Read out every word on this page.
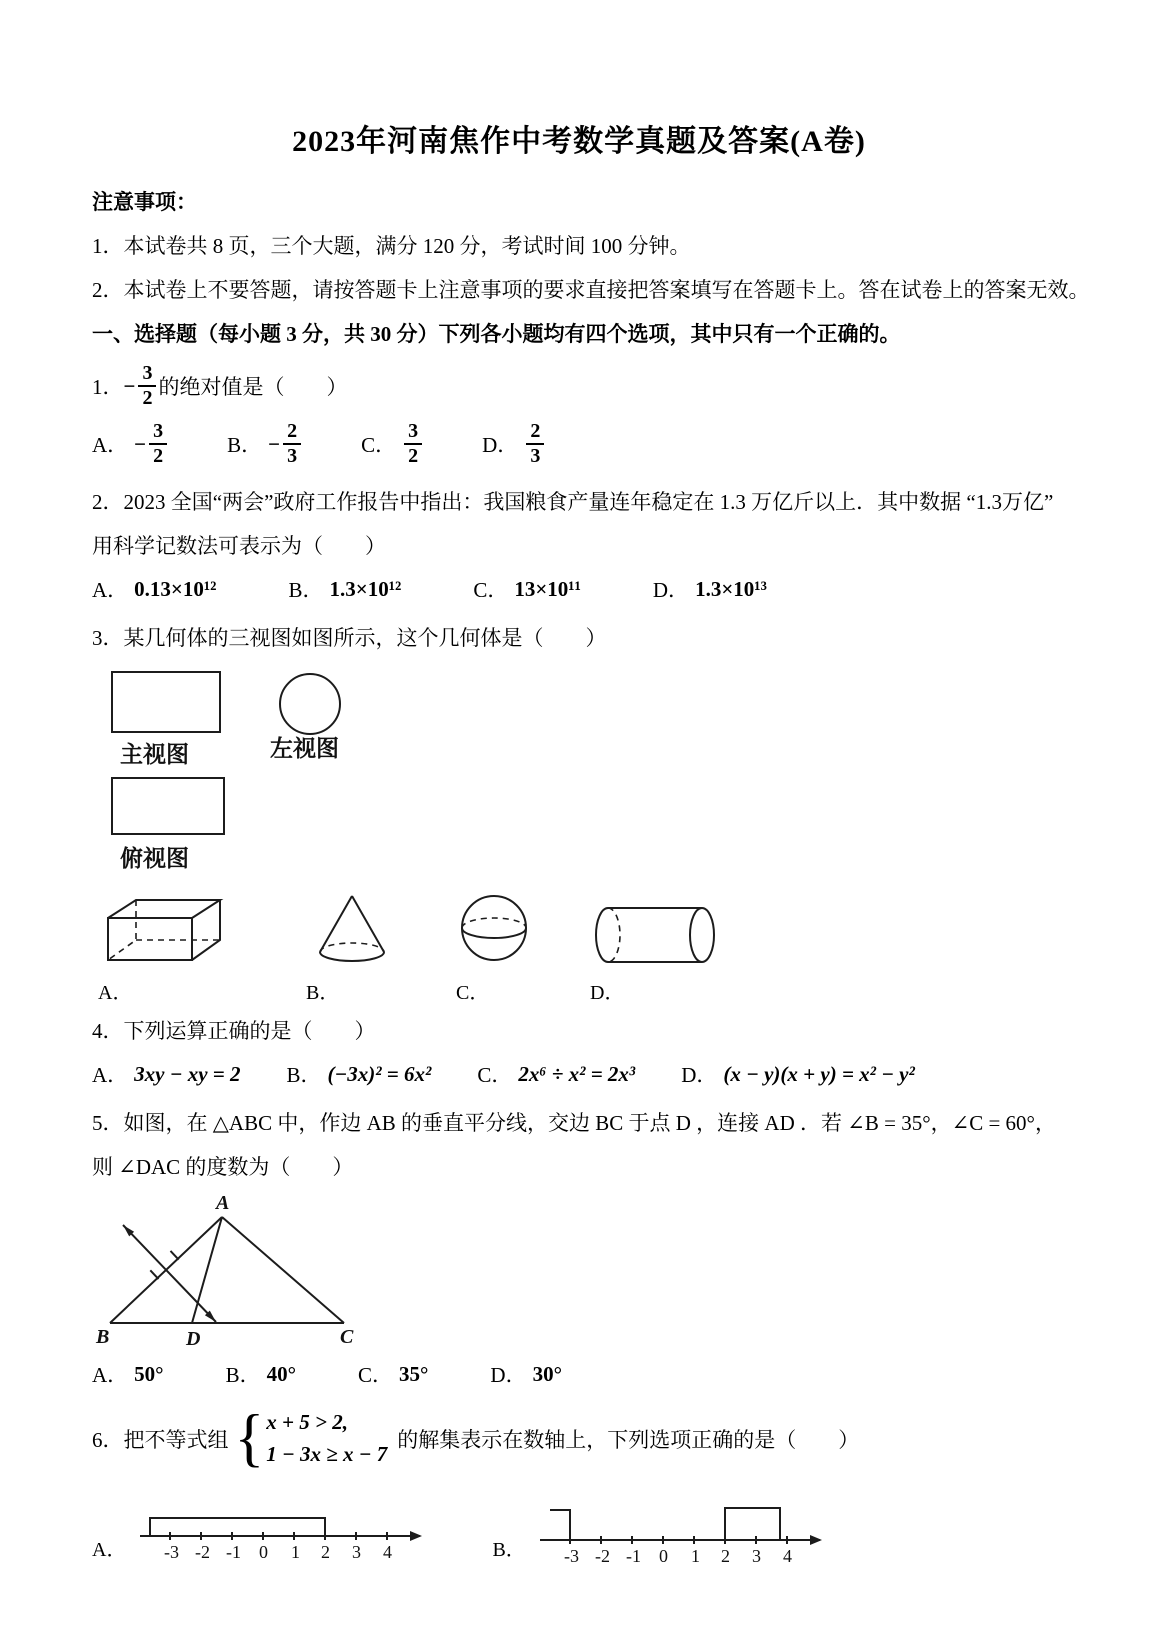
2023年河南焦作中考数学真题及答案(A卷)

注意事项：

1．本试卷共 8 页，三个大题，满分 120 分，考试时间 100 分钟。

2．本试卷上不要答题，请按答题卡上注意事项的要求直接把答案填写在答题卡上。答在试卷上的答案无效。

一、选择题（每小题 3 分，共 30 分）下列各小题均有四个选项，其中只有一个正确的。

1． − $\frac{3}{2}$ 的绝对值是（　　）
A． − $\frac{3}{2}$	B． − $\frac{2}{3}$	C． $\frac{3}{2}$	D． $\frac{2}{3}$

2．2023 全国“两会”政府工作报告中指出：我国粮食产量连年稳定在 1.3 万亿斤以上．其中数据 “1.3万亿”

用科学记数法可表示为（　　）

A． 0.13×10¹²	B． 1.3×10¹²	C． 13×10¹¹	D． 1.3×10¹³

3．某几何体的三视图如图所示，这个几何体是（　　）

主视图	左视图
俯视图
A．	B．	C．	D．

4．下列运算正确的是（　　）

A． 3xy − xy = 2 B． (−3x)² = 6x² C． 2x⁶ ÷ x² = 2x³ D． (x − y)(x + y) = x² − y²

5．如图，在 △ABC 中，作边 AB 的垂直平分线，交边 BC 于点 D ，连接 AD ．若 ∠B = 35°，∠C = 60°，

则 ∠DAC 的度数为（　　）

A
B	D	C
A． 50°	B． 40°	C． 35°	D． 30°
6．把不等式组 { x + 5 > 2,
1 − 3x ≥ x − 7
的解集表示在数轴上，下列选项正确的是（　　）
A． -3 -2 -1 0 1 2 3 4	B． -3 -2 -1 0 1 2 3 4
